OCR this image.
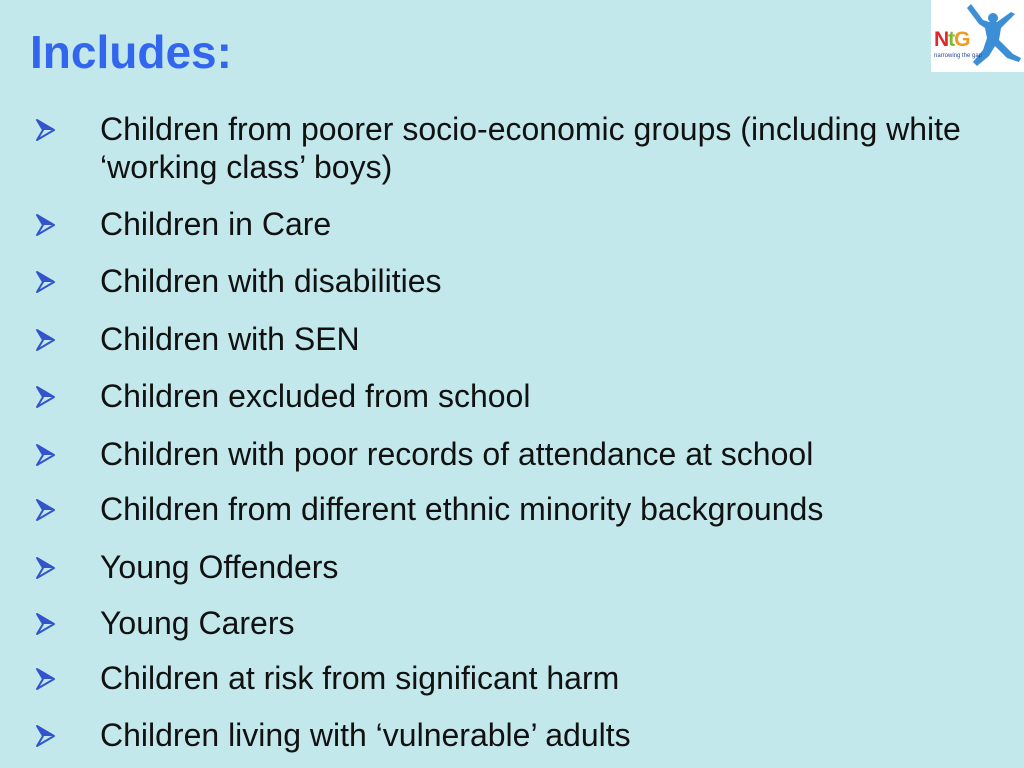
Includes:	NtG
narrowing the gap
Children from poorer socio-economic groups (including white ‘working class’ boys)
Children in Care
Children with disabilities
Children with SEN
Children excluded from school
Children with poor records of attendance at school
Children from different ethnic minority backgrounds
Young Offenders
Young Carers
Children at risk from significant harm
Children living with ‘vulnerable’ adults
